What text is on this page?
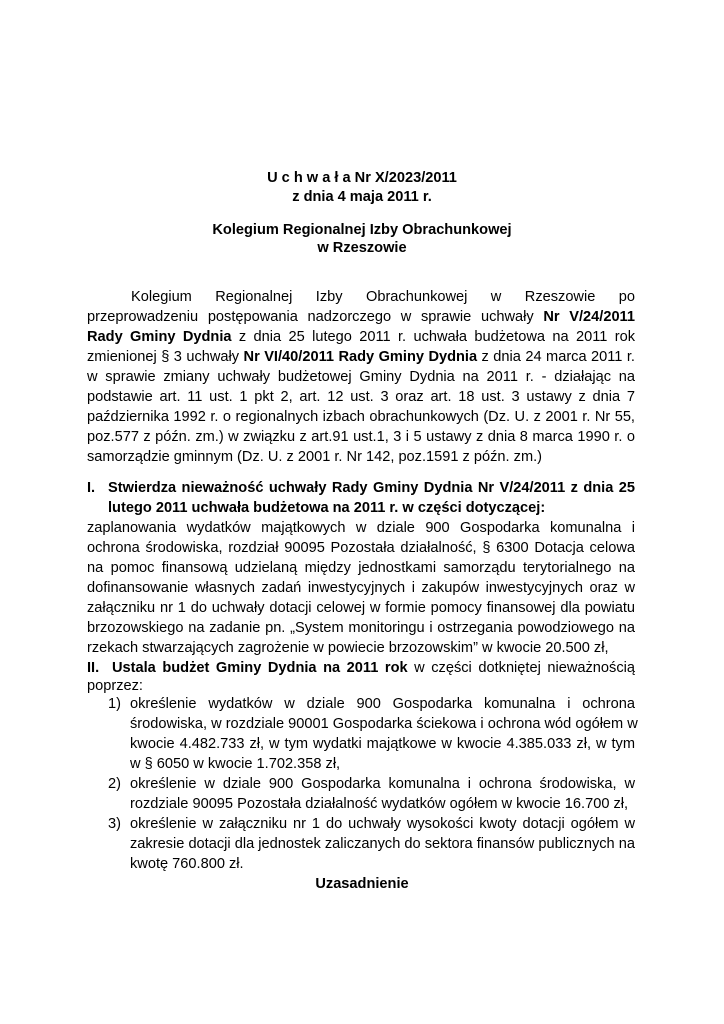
U c h w a ł a Nr X/2023/2011
z dnia 4 maja 2011 r.
Kolegium Regionalnej Izby Obrachunkowej
w Rzeszowie
Kolegium Regionalnej Izby Obrachunkowej w Rzeszowie po
przeprowadzeniu postępowania nadzorczego w sprawie uchwały Nr V/24/2011
Rady Gminy Dydnia z dnia 25 lutego 2011 r. uchwała budżetowa na 2011 rok
zmienionej § 3 uchwały Nr VI/40/2011 Rady Gminy Dydnia z dnia 24 marca 2011 r.
w sprawie zmiany uchwały budżetowej Gminy Dydnia na 2011 r. - działając na
podstawie art. 11 ust. 1 pkt 2, art. 12 ust. 3 oraz art. 18 ust. 3 ustawy z dnia 7
października 1992 r. o regionalnych izbach obrachunkowych (Dz. U. z 2001 r. Nr 55,
poz.577 z późn. zm.) w związku z art.91 ust.1, 3 i 5 ustawy z dnia 8 marca 1990 r. o
samorządzie gminnym (Dz. U. z 2001 r. Nr 142, poz.1591 z późn. zm.)
I. Stwierdza nieważność uchwały Rady Gminy Dydnia Nr V/24/2011 z dnia 25
lutego 2011 uchwała budżetowa na 2011 r. w części dotyczącej:
zaplanowania wydatków majątkowych w dziale 900 Gospodarka komunalna i
ochrona środowiska, rozdział 90095 Pozostała działalność, § 6300 Dotacja celowa
na pomoc finansową udzielaną między jednostkami samorządu terytorialnego na
dofinansowanie własnych zadań inwestycyjnych i zakupów inwestycyjnych oraz w
załączniku nr 1 do uchwały dotacji celowej w formie pomocy finansowej dla powiatu
brzozowskiego na zadanie pn. „System monitoringu i ostrzegania powodziowego na
rzekach stwarzających zagrożenie w powiecie brzozowskim” w kwocie 20.500 zł,
II. Ustala budżet Gminy Dydnia na 2011 rok w części dotkniętej nieważnością
poprzez:
1) określenie wydatków w dziale 900 Gospodarka komunalna i ochrona
środowiska, w rozdziale 90001 Gospodarka ściekowa i ochrona wód ogółem w
kwocie 4.482.733 zł, w tym wydatki majątkowe w kwocie 4.385.033 zł, w tym
w § 6050 w kwocie 1.702.358 zł,
2) określenie w dziale 900 Gospodarka komunalna i ochrona środowiska, w
rozdziale 90095 Pozostała działalność wydatków ogółem w kwocie 16.700 zł,
3) określenie w załączniku nr 1 do uchwały wysokości kwoty dotacji ogółem w
zakresie dotacji dla jednostek zaliczanych do sektora finansów publicznych na
kwotę 760.800 zł.
Uzasadnienie
